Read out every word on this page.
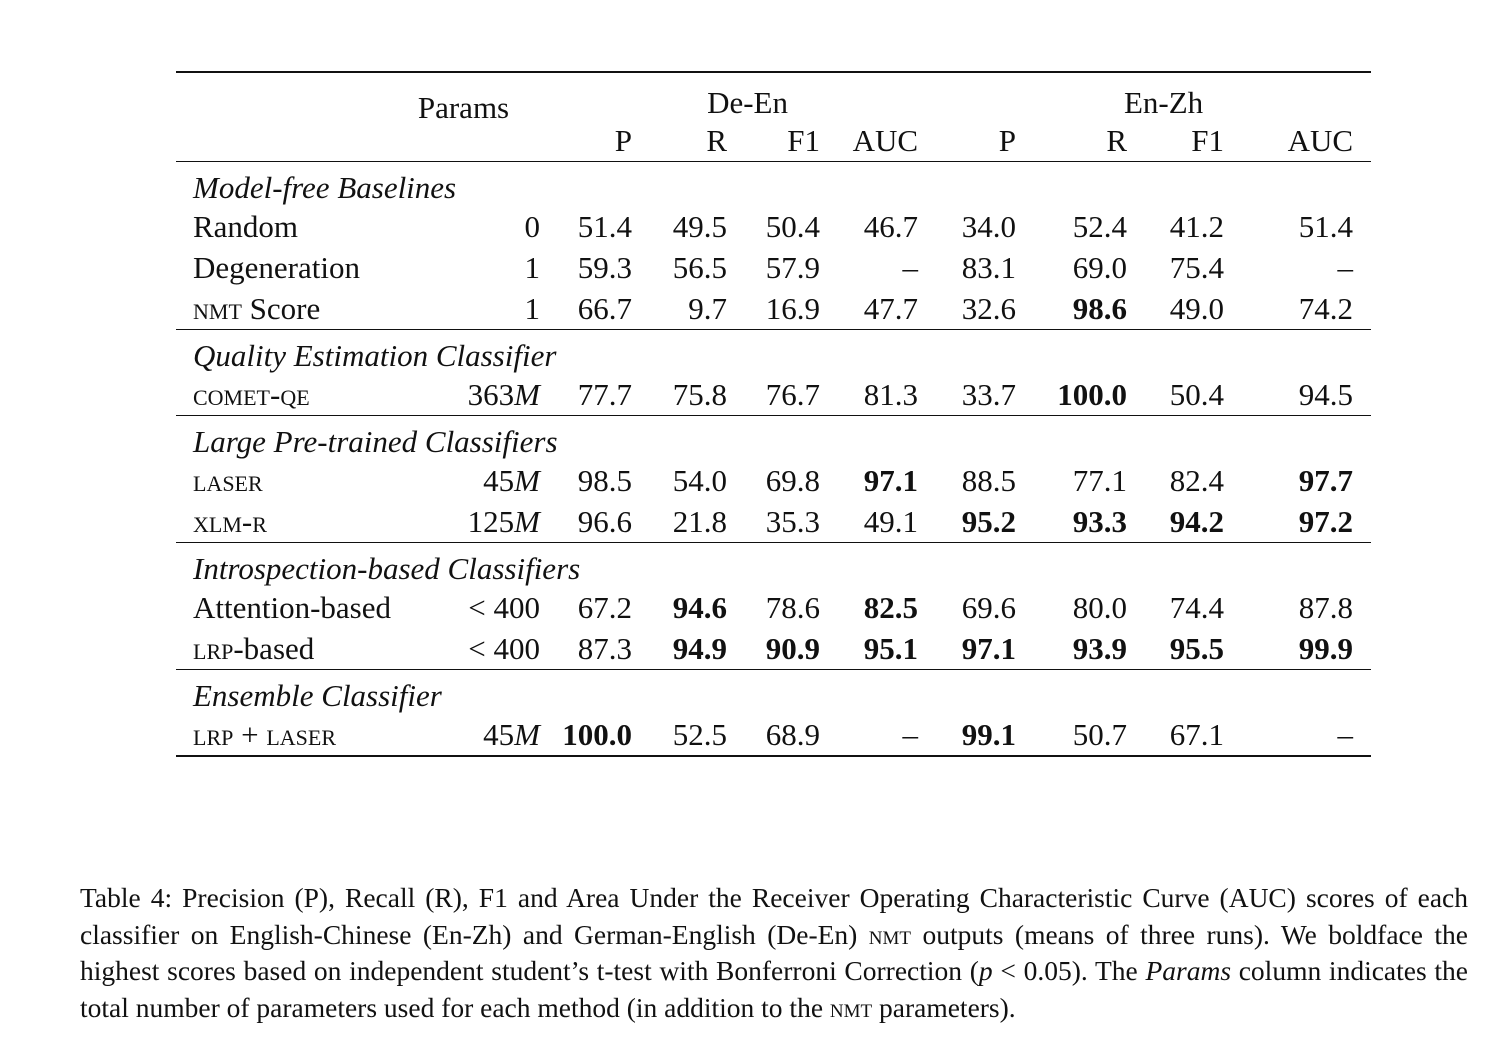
	Params	De-En				En-Zh			
		P	R	F1	AUC	P	R	F1	AUC
Model-free Baselines									
Random	0	51.4	49.5	50.4	46.7	34.0	52.4	41.2	51.4
Degeneration	1	59.3	56.5	57.9	–	83.1	69.0	75.4	–
nmt Score	1	66.7	9.7	16.9	47.7	32.6	98.6	49.0	74.2
Quality Estimation Classifier									
comet-qe	363M	77.7	75.8	76.7	81.3	33.7	100.0	50.4	94.5
Large Pre-trained Classifiers									
laser	45M	98.5	54.0	69.8	97.1	88.5	77.1	82.4	97.7
xlm-r	125M	96.6	21.8	35.3	49.1	95.2	93.3	94.2	97.2
Introspection-based Classifiers									
Attention-based	< 400	67.2	94.6	78.6	82.5	69.6	80.0	74.4	87.8
lrp-based	< 400	87.3	94.9	90.9	95.1	97.1	93.9	95.5	99.9
Ensemble Classifier									
lrp + laser	45M	100.0	52.5	68.9	–	99.1	50.7	67.1	–
Table 4: Precision (P), Recall (R), F1 and Area Under the Receiver Operating Characteristic Curve (AUC) scores of each classifier on English-Chinese (En-Zh) and German-English (De-En) nmt outputs (means of three runs). We boldface the highest scores based on independent student’s t-test with Bonferroni Correction (p < 0.05). The Params column indicates the total number of parameters used for each method (in addition to the nmt parameters).
